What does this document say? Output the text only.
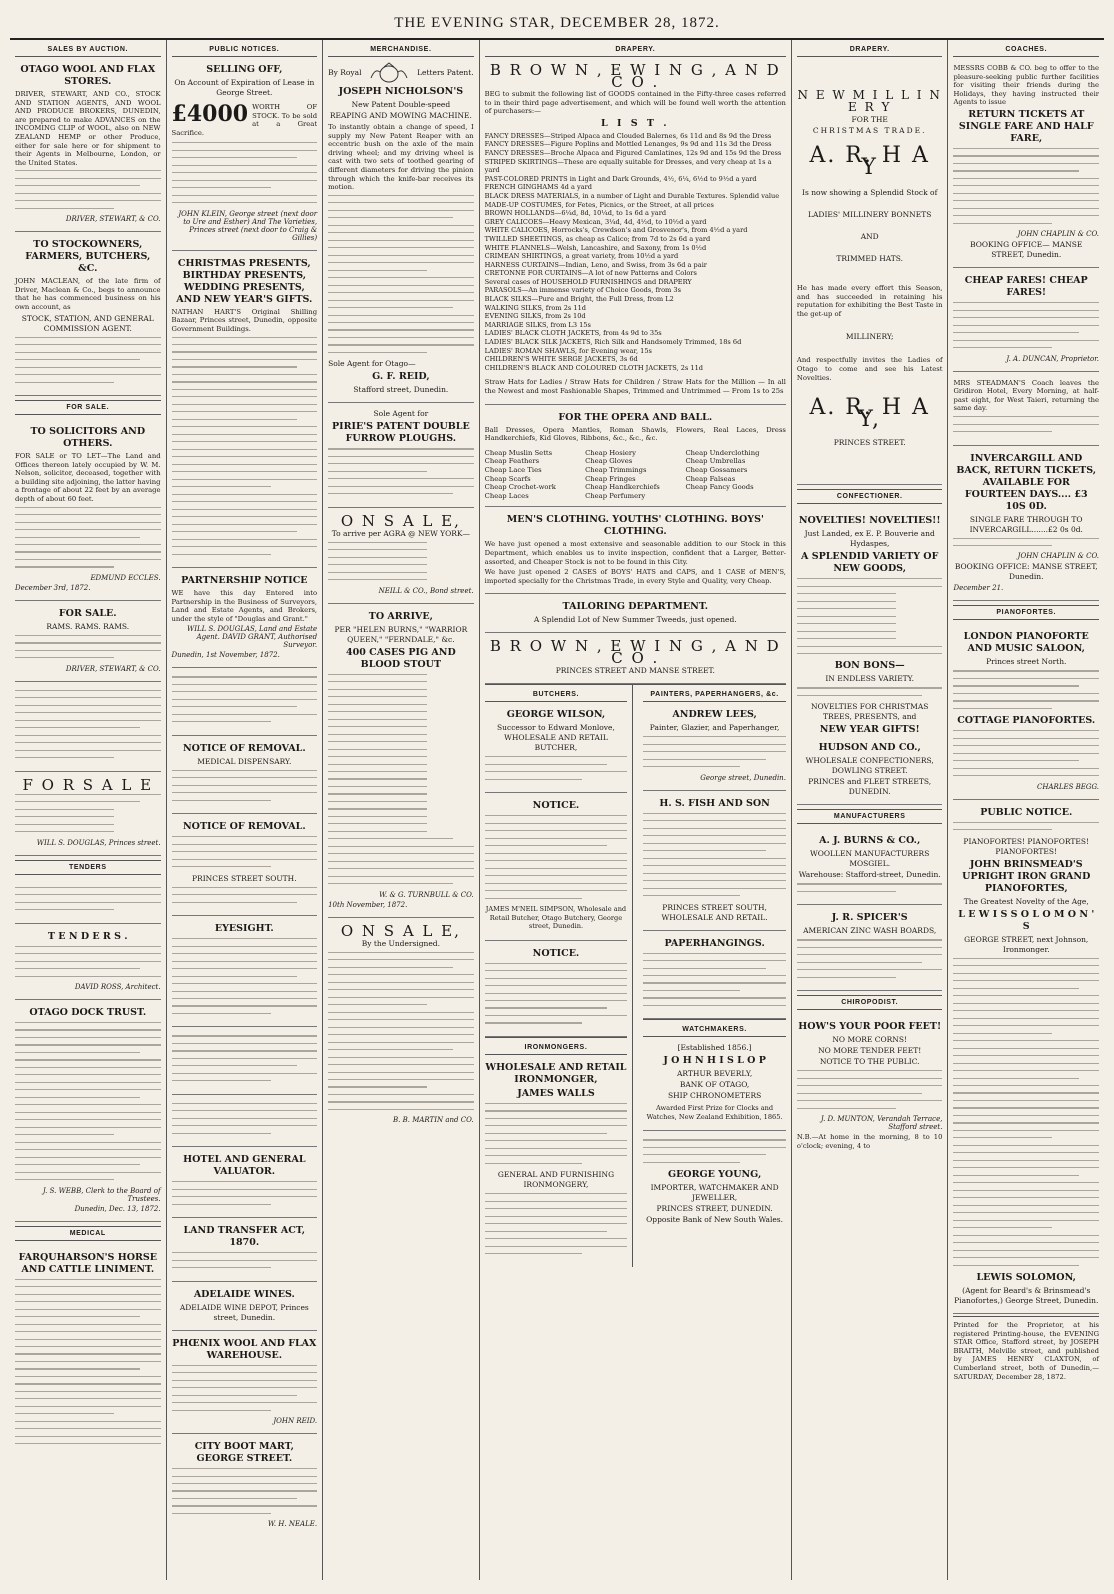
THE EVENING STAR, DECEMBER 28, 1872.
SALES BY AUCTION.
OTAGO WOOL AND FLAX STORES.

DRIVER, STEWART, AND CO., STOCK AND STATION AGENTS, AND WOOL AND PRODUCE BROKERS, DUNEDIN, are prepared to make ADVANCES on the INCOMING CLIP of WOOL, also on NEW ZEALAND HEMP or other Produce, either for sale here or for shipment to their Agents in Melbourne, London, or the United States.

DRIVER, STEWART, & CO.
TO STOCKOWNERS, FARMERS, BUTCHERS, &C.

JOHN MACLEAN, of the late firm of Driver, Maclean & Co., begs to announce that he has commenced business on his own account, as

STOCK, STATION, AND GENERAL COMMISSION AGENT.
FOR SALE.
TO SOLICITORS AND OTHERS.

FOR SALE or TO LET—The Land and Offices thereon lately occupied by W. M. Nelson, solicitor, deceased, together with a building site adjoining, the latter having a frontage of about 22 feet by an average depth of about 60 feet.

EDMUND ECCLES.
December 3rd, 1872.
FOR SALE.
RAMS. RAMS. RAMS.
DRIVER, STEWART, & CO.
F O R S A L E
WILL S. DOUGLAS, Princes street.
TENDERS
T E N D E R S .
DAVID ROSS, Architect.
OTAGO DOCK TRUST.
J. S. WEBB, Clerk to the Board of Trustees.
Dunedin, Dec. 13, 1872.
MEDICAL
FARQUHARSON'S HORSE AND CATTLE LINIMENT.
PUBLIC NOTICES.
SELLING OFF,
On Account of Expiration of Lease in George Street.
£4000 WORTH OF STOCK. To be sold at a Great Sacrifice.

JOHN KLEIN, George street (next door to Ure and Esther) And The Varieties, Princes street (next door to Craig & Gillies)
CHRISTMAS PRESENTS, BIRTHDAY PRESENTS, WEDDING PRESENTS, AND NEW YEAR'S GIFTS.

NATHAN HART'S Original Shilling Bazaar, Princes street, Dunedin, opposite Government Buildings.

PARTNERSHIP NOTICE

WE have this day Entered into Partnership in the Business of Surveyors, Land and Estate Agents, and Brokers, under the style of "Douglas and Grant."

WILL S. DOUGLAS, Land and Estate Agent. DAVID GRANT, Authorised Surveyor.
Dunedin, 1st November, 1872.
NOTICE OF REMOVAL.
MEDICAL DISPENSARY.
NOTICE OF REMOVAL.
PRINCES STREET SOUTH.
EYESIGHT.
HOTEL AND GENERAL VALUATOR.
LAND TRANSFER ACT, 1870.
ADELAIDE WINES.
ADELAIDE WINE DEPOT, Princes street, Dunedin.
PHŒNIX WOOL AND FLAX WAREHOUSE.
JOHN REID.
CITY BOOT MART, GEORGE STREET.
W. H. NEALE.
MERCHANDISE.
By Royal	Letters Patent.
JOSEPH NICHOLSON'S
New Patent Double-speed
REAPING AND MOWING MACHINE.

To instantly obtain a change of speed, I supply my New Patent Reaper with an eccentric bush on the axle of the main driving wheel; and my driving wheel is cast with two sets of toothed gearing of different diameters for driving the pinion through which the knife-bar receives its motion.

Sole Agent for Otago—
G. F. REID,
Stafford street, Dunedin.
Sole Agent for
PIRIE'S PATENT DOUBLE FURROW PLOUGHS.
O N S A L E,
To arrive per AGRA @ NEW YORK—
NEILL & CO., Bond street.
TO ARRIVE,
PER "HELEN BURNS," "WARRIOR QUEEN," "FERNDALE," &c.
400 CASES PIG AND BLOOD STOUT
W. & G. TURNBULL & CO.
10th November, 1872.
O N S A L E,
By the Undersigned.
B. B. MARTIN and CO.
DRAPERY.
B R O W N , E W I N G , A N D C O .

BEG to submit the following list of GOODS contained in the Fifty-three cases referred to in their third page advertisement, and which will be found well worth the attention of purchasers:—

L I S T .
FANCY DRESSES—Striped Alpaca and Clouded Balernes, 6s 11d and 8s 9d the Dress
FANCY DRESSES—Figure Poplins and Mottled Lenanges, 9s 9d and 11s 3d the Dress
FANCY DRESSES—Broche Alpaca and Figured Camlatines, 12s 9d and 15s 9d the Dress
STRIPED SKIRTINGS—These are equally suitable for Dresses, and very cheap at 1s a yard
PAST-COLORED PRINTS in Light and Dark Grounds, 4½, 6¼, 6½d to 9½d a yard
FRENCH GINGHAMS 4d a yard
BLACK DRESS MATERIALS, in a number of Light and Durable Textures. Splendid value
MADE-UP COSTUMES, for Fetes, Picnics, or the Street, at all prices
BROWN HOLLANDS—6¼d, 8d, 10¼d, to 1s 6d a yard
GREY CALICOES—Heavy Mexican, 3¼d, 4d, 4½d, to 10½d a yard
WHITE CALICOES, Horrocks's, Crewdson's and Grosvenor's, from 4½d a yard
TWILLED SHEETINGS, as cheap as Calico; from 7d to 2s 6d a yard
WHITE FLANNELS—Welsh, Lancashire, and Saxony, from 1s 0½d
CRIMEAN SHIRTINGS, a great variety, from 10½d a yard
HARNESS CURTAINS—Indian, Leno, and Swiss, from 3s 6d a pair
CRETONNE FOR CURTAINS—A lot of new Patterns and Colors
Several cases of HOUSEHOLD FURNISHINGS and DRAPERY
PARASOLS—An immense variety of Choice Goods, from 3s
BLACK SILKS—Pure and Bright, the Full Dress, from L2
WALKING SILKS, from 2s 11d
EVENING SILKS, from 2s 10d
MARRIAGE SILKS, from L3 15s
LADIES' BLACK CLOTH JACKETS, from 4s 9d to 35s
LADIES' BLACK SILK JACKETS, Rich Silk and Handsomely Trimmed, 18s 6d
LADIES' ROMAN SHAWLS, for Evening wear, 15s
CHILDREN'S WHITE SERGE JACKETS, 3s 6d
CHILDREN'S BLACK AND COLOURED CLOTH JACKETS, 2s 11d

Straw Hats for Ladies / Straw Hats for Children / Straw Hats for the Million — In all the Newest and most Fashionable Shapes, Trimmed and Untrimmed — From 1s to 25s

FOR THE OPERA AND BALL.

Ball Dresses, Opera Mantles, Roman Shawls, Flowers, Real Laces, Dress Handkerchiefs, Kid Gloves, Ribbons, &c., &c., &c.

Cheap Muslin Setts	Cheap Hosiery	Cheap Underclothing
Cheap Feathers	Cheap Gloves	Cheap Umbrellas
Cheap Lace Ties	Cheap Trimmings	Cheap Gossamers
Cheap Scarfs	Cheap Fringes	Cheap Falseas
Cheap Crochet-work	Cheap Handkerchiefs	Cheap Fancy Goods
Cheap Laces	Cheap Perfumery
MEN'S CLOTHING. YOUTHS' CLOTHING. BOYS' CLOTHING.

We have just opened a most extensive and seasonable addition to our Stock in this Department, which enables us to invite inspection, confident that a Larger, Better-assorted, and Cheaper Stock is not to be found in this City.

We have just opened 2 CASES of BOYS' HATS and CAPS, and 1 CASE of MEN'S, imported specially for the Christmas Trade, in every Style and Quality, very Cheap.

TAILORING DEPARTMENT.
A Splendid Lot of New Summer Tweeds, just opened.
B R O W N , E W I N G , A N D C O .
PRINCES STREET AND MANSE STREET.
BUTCHERS.
GEORGE WILSON,
Successor to Edward Monlove, WHOLESALE AND RETAIL BUTCHER,
NOTICE.

JAMES M'NEIL SIMPSON, Wholesale and Retail Butcher, Otago Butchery, George street, Dunedin.

NOTICE.
IRONMONGERS.
WHOLESALE AND RETAIL IRONMONGER,
JAMES WALLS
GENERAL AND FURNISHING IRONMONGERY,
PAINTERS, PAPERHANGERS, &c.
ANDREW LEES,
Painter, Glazier, and Paperhanger,
George street, Dunedin.
H. S. FISH AND SON
PRINCES STREET SOUTH, WHOLESALE AND RETAIL.
PAPERHANGINGS.
WATCHMAKERS.
[Established 1856.]
J O H N H I S L O P
ARTHUR BEVERLY,
BANK OF OTAGO,
SHIP CHRONOMETERS

Awarded First Prize for Clocks and Watches, New Zealand Exhibition, 1865.

GEORGE YOUNG,
IMPORTER, WATCHMAKER AND JEWELLER,
PRINCES STREET, DUNEDIN.
Opposite Bank of New South Wales.
DRAPERY.
N E W M I L L I N E R Y
FOR THE
CHRISTMAS TRADE.
A. R. H A Y
Is now showing a Splendid Stock of
LADIES' MILLINERY BONNETS
AND
TRIMMED HATS.

He has made every effort this Season, and has succeeded in retaining his reputation for exhibiting the Best Taste in the get-up of

MILLINERY;

And respectfully invites the Ladies of Otago to come and see his Latest Novelties.

A. R. H A Y,
PRINCES STREET.
CONFECTIONER.
NOVELTIES! NOVELTIES!!
Just Landed, ex E. P. Bouverie and Hydaspes,
A SPLENDID VARIETY OF NEW GOODS,
BON BONS—
IN ENDLESS VARIETY.
NOVELTIES FOR CHRISTMAS TREES, PRESENTS, and
NEW YEAR GIFTS!
HUDSON AND CO.,
WHOLESALE CONFECTIONERS, DOWLING STREET.
PRINCES and FLEET STREETS, DUNEDIN.
MANUFACTURERS
A. J. BURNS & CO.,
WOOLLEN MANUFACTURERS MOSGIEL.
Warehouse: Stafford-street, Dunedin.
J. R. SPICER'S
AMERICAN ZINC WASH BOARDS,
CHIROPODIST.
HOW'S YOUR POOR FEET!
NO MORE CORNS!
NO MORE TENDER FEET!
NOTICE TO THE PUBLIC.
J. D. MUNTON, Verandah Terrace, Stafford street.

N.B.—At home in the morning, 8 to 10 o'clock; evening, 4 to

COACHES.

MESSRS COBB & CO. beg to offer to the pleasure-seeking public further facilities for visiting their friends during the Holidays, they having instructed their Agents to issue

RETURN TICKETS AT SINGLE FARE AND HALF FARE,
JOHN CHAPLIN & CO.
BOOKING OFFICE— MANSE STREET, Dunedin.
CHEAP FARES! CHEAP FARES!
J. A. DUNCAN, Proprietor.

MRS STEADMAN'S Coach leaves the Gridiron Hotel, Every Morning, at half-past eight, for West Taieri, returning the same day.

INVERCARGILL AND BACK, RETURN TICKETS, AVAILABLE FOR FOURTEEN DAYS.... £3 10S 0D.
SINGLE FARE THROUGH TO INVERCARGILL.......£2 0s 0d.
JOHN CHAPLIN & CO.
BOOKING OFFICE: MANSE STREET, Dunedin.
December 21.
PIANOFORTES.
LONDON PIANOFORTE AND MUSIC SALOON,
Princes street North.
COTTAGE PIANOFORTES.
CHARLES BEGG.
PUBLIC NOTICE.
PIANOFORTES! PIANOFORTES! PIANOFORTES!
JOHN BRINSMEAD'S UPRIGHT IRON GRAND PIANOFORTES,
The Greatest Novelty of the Age,
L E W I S S O L O M O N ' S
GEORGE STREET, next Johnson, Ironmonger.
LEWIS SOLOMON,
(Agent for Beard's & Brinsmead's Pianofortes,) George Street, Dunedin.

Printed for the Proprietor, at his registered Printing-house, the EVENING STAR Office, Stafford street, by JOSEPH BRAITH, Melville street, and published by JAMES HENRY CLAXTON, of Cumberland street, both of Dunedin,—SATURDAY, December 28, 1872.
